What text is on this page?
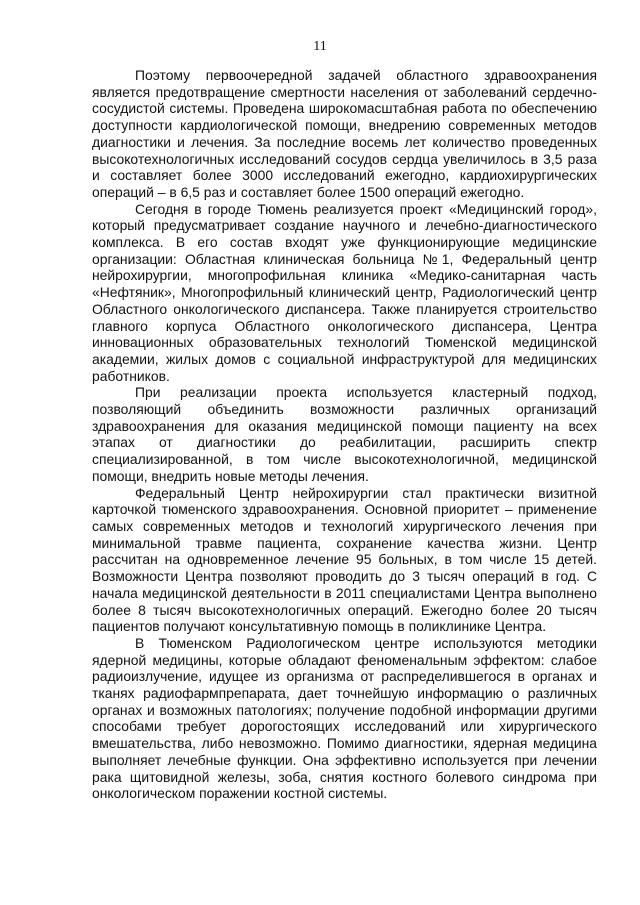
11

Поэтому первоочередной задачей областного здравоохранения является предотвращение смертности населения от заболеваний сердечно-сосудистой системы. Проведена широкомасштабная работа по обеспечению доступности кардиологической помощи, внедрению современных методов диагностики и лечения. За последние восемь лет количество проведенных высокотехнологичных исследований сосудов сердца увеличилось в 3,5 раза и составляет более 3000 исследований ежегодно, кардиохирургических операций – в 6,5 раз и составляет более 1500 операций ежегодно.

Сегодня в городе Тюмень реализуется проект «Медицинский город», который предусматривает создание научного и лечебно-диагностического комплекса. В его состав входят уже функционирующие медицинские организации: Областная клиническая больница №1, Федеральный центр нейрохирургии, многопрофильная клиника «Медико-санитарная часть «Нефтяник», Многопрофильный клинический центр, Радиологический центр Областного онкологического диспансера. Также планируется строительство главного корпуса Областного онкологического диспансера, Центра инновационных образовательных технологий Тюменской медицинской академии, жилых домов с социальной инфраструктурой для медицинских работников.

При реализации проекта используется кластерный подход, позволяющий объединить возможности различных организаций здравоохранения для оказания медицинской помощи пациенту на всех этапах от диагностики до реабилитации, расширить спектр специализированной, в том числе высокотехнологичной, медицинской помощи, внедрить новые методы лечения.

Федеральный Центр нейрохирургии стал практически визитной карточкой тюменского здравоохранения. Основной приоритет – применение самых современных методов и технологий хирургического лечения при минимальной травме пациента, сохранение качества жизни. Центр рассчитан на одновременное лечение 95 больных, в том числе 15 детей. Возможности Центра позволяют проводить до 3 тысяч операций в год. С начала медицинской деятельности в 2011 специалистами Центра выполнено более 8 тысяч высокотехнологичных операций. Ежегодно более 20 тысяч пациентов получают консультативную помощь в поликлинике Центра.

В Тюменском Радиологическом центре используются методики ядерной медицины, которые обладают феноменальным эффектом: слабое радиоизлучение, идущее из организма от распределившегося в органах и тканях радиофармпрепарата, дает точнейшую информацию о различных органах и возможных патологиях; получение подобной информации другими способами требует дорогостоящих исследований или хирургического вмешательства, либо невозможно. Помимо диагностики, ядерная медицина выполняет лечебные функции. Она эффективно используется при лечении рака щитовидной железы, зоба, снятия костного болевого синдрома при онкологическом поражении костной системы.
